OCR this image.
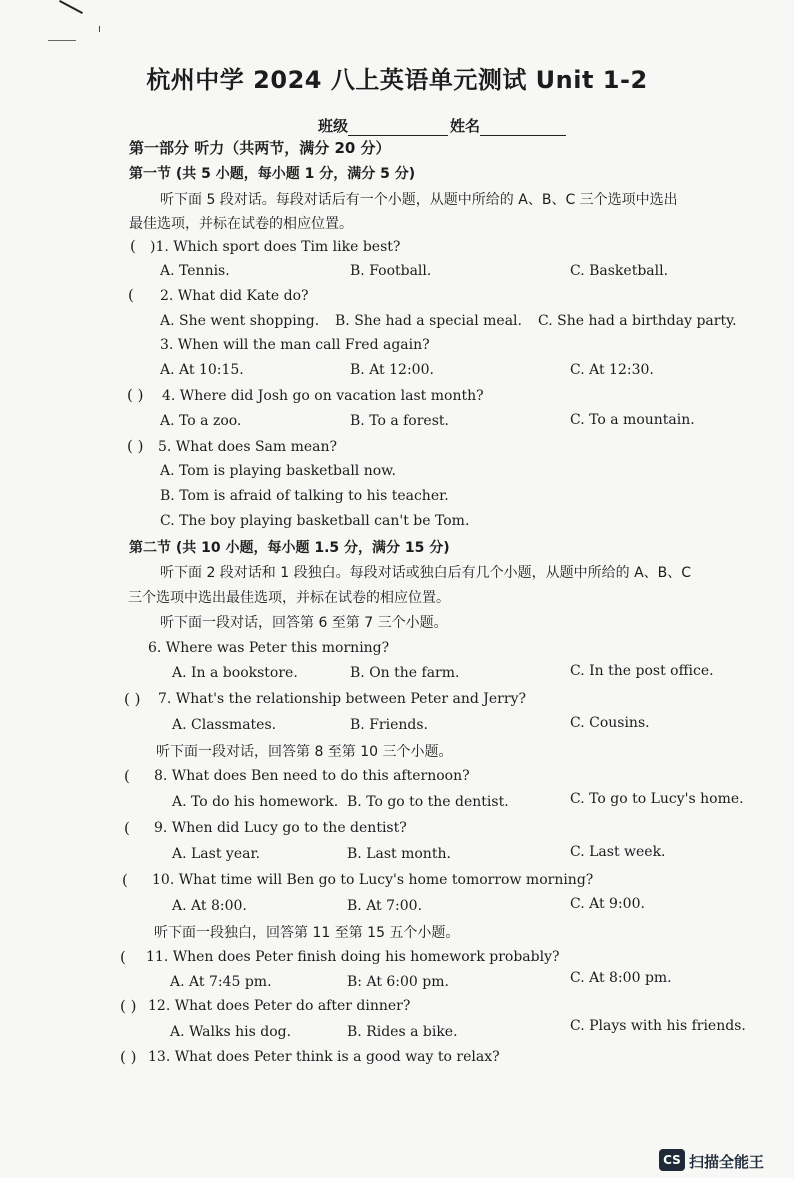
杭州中学 2024 八上英语单元测试 Unit 1-2
班级	姓名
第一部分 听力（共两节，满分 20 分）
第一节 (共 5 小题，每小题 1 分，满分 5 分)
听下面 5 段对话。每段对话后有一个小题，从题中所给的 A、B、C 三个选项中选出
最佳选项，并标在试卷的相应位置。
( )1. Which sport does Tim like best?
A. Tennis.	B. Football.	C. Basketball.
( 2. What did Kate do?
A. She went shopping. B. She had a special meal. C. She had a birthday party.
3. When will the man call Fred again?
A. At 10:15.	B. At 12:00.	C. At 12:30.
( ) 4. Where did Josh go on vacation last month?
A. To a zoo.	B. To a forest.	C. To a mountain.
( ) 5. What does Sam mean?
A. Tom is playing basketball now.
B. Tom is afraid of talking to his teacher.
C. The boy playing basketball can't be Tom.
第二节 (共 10 小题，每小题 1.5 分，满分 15 分)
听下面 2 段对话和 1 段独白。每段对话或独白后有几个小题，从题中所给的 A、B、C
三个选项中选出最佳选项，并标在试卷的相应位置。
听下面一段对话，回答第 6 至第 7 三个小题。
6. Where was Peter this morning?
A. In a bookstore.	B. On the farm.	C. In the post office.
( ) 7. What's the relationship between Peter and Jerry?
A. Classmates.	B. Friends.	C. Cousins.
听下面一段对话，回答第 8 至第 10 三个小题。
( 8. What does Ben need to do this afternoon?
A. To do his homework. B. To go to the dentist.	C. To go to Lucy's home.
( 9. When did Lucy go to the dentist?
A. Last year.	B. Last month.	C. Last week.
( 10. What time will Ben go to Lucy's home tomorrow morning?
A. At 8:00.	B. At 7:00.	C. At 9:00.
听下面一段独白，回答第 11 至第 15 五个小题。
( 11. When does Peter finish doing his homework probably?
A. At 7:45 pm.	B: At 6:00 pm.	C. At 8:00 pm.
( ) 12. What does Peter do after dinner?
A. Walks his dog.	B. Rides a bike.	C. Plays with his friends.
( ) 13. What does Peter think is a good way to relax?
CS 扫描全能王
